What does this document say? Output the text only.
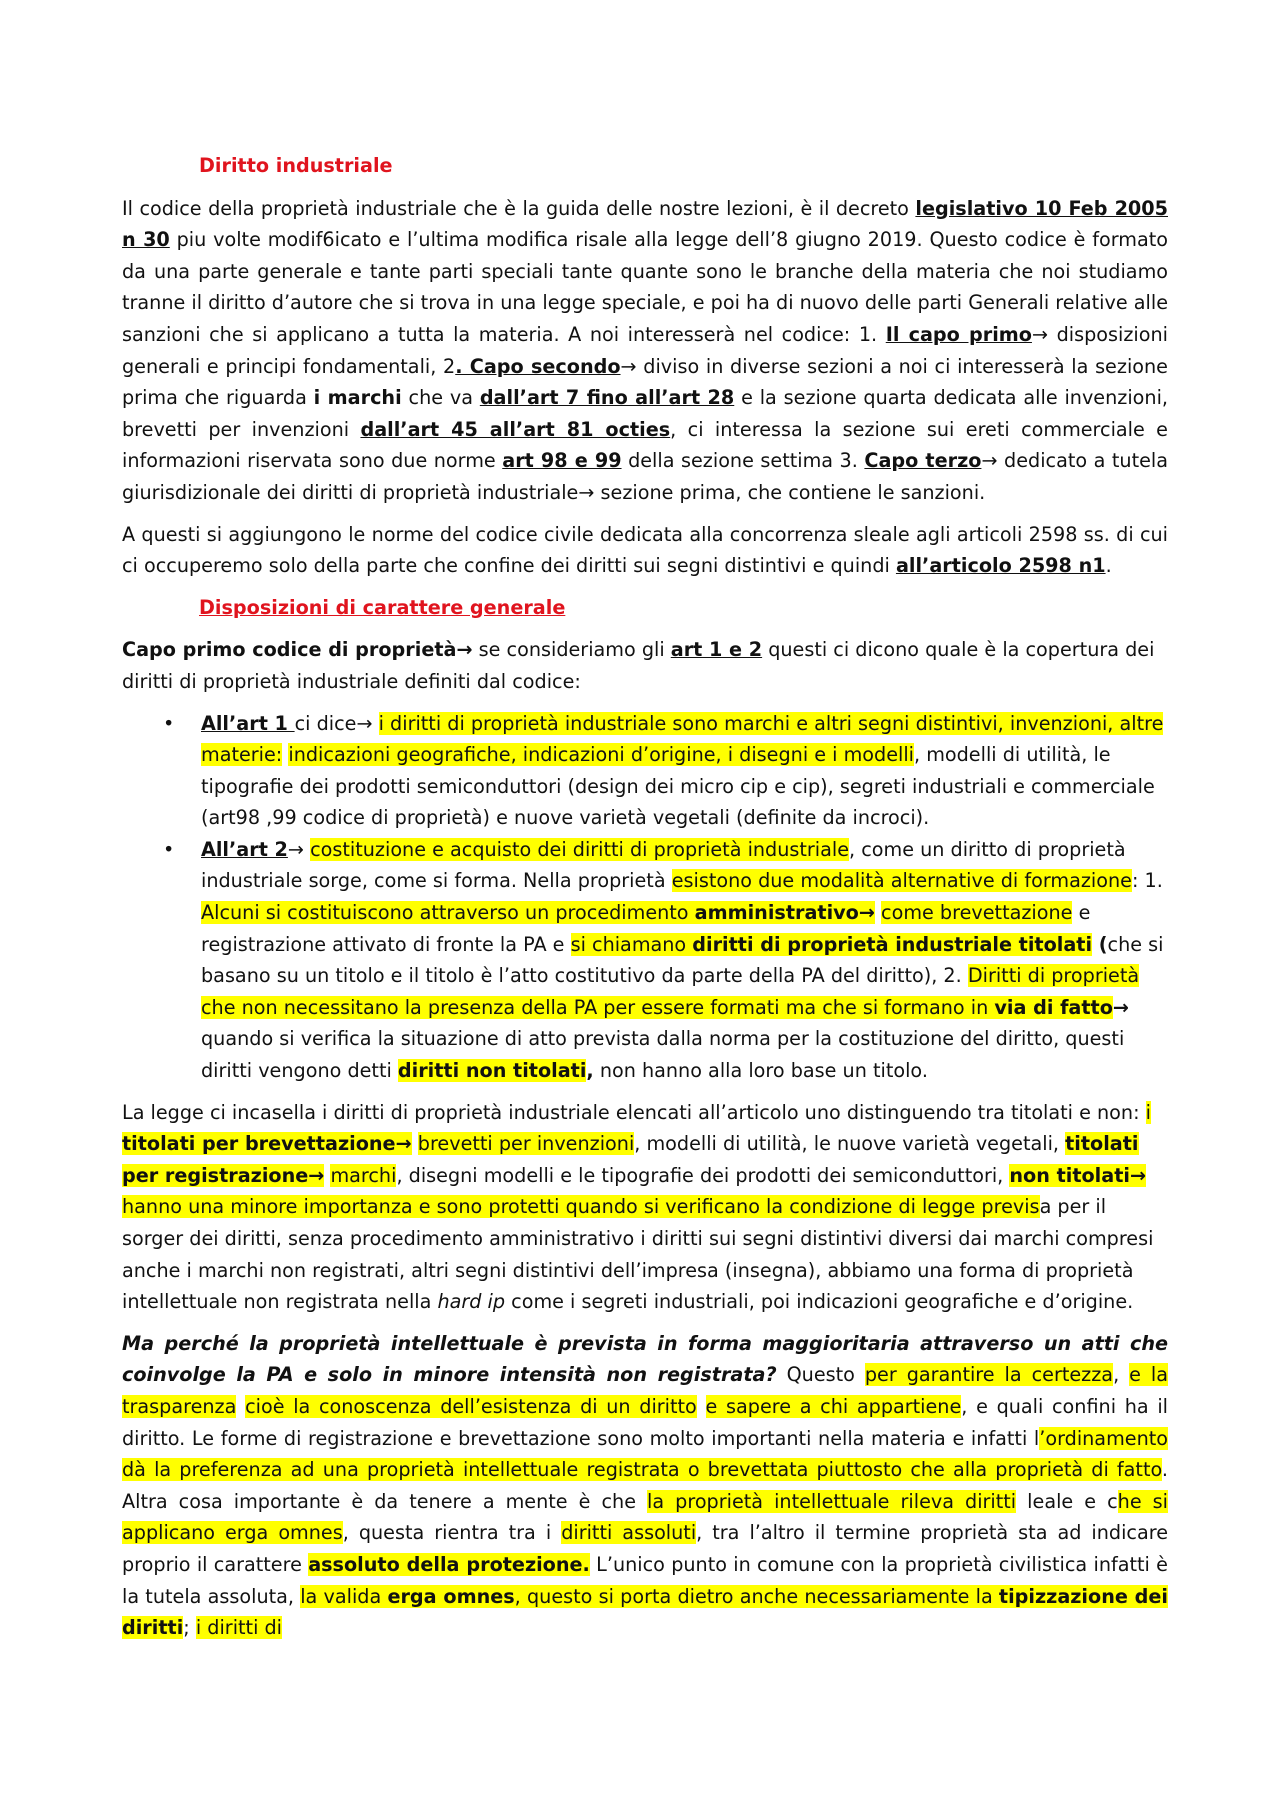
Diritto industriale

Il codice della proprietà industriale che è la guida delle nostre lezioni, è il decreto legislativo 10 Feb 2005 n 30 piu volte modif6icato e l’ultima modifica risale alla legge dell’8 giugno 2019. Questo codice è formato da una parte generale e tante parti speciali tante quante sono le branche della materia che noi studiamo tranne il diritto d’autore che si trova in una legge speciale, e poi ha di nuovo delle parti Generali relative alle sanzioni che si applicano a tutta la materia. A noi interesserà nel codice: 1. Il capo primo→ disposizioni generali e principi fondamentali, 2. Capo secondo→ diviso in diverse sezioni a noi ci interesserà la sezione prima che riguarda i marchi che va dall’art 7 fino all’art 28 e la sezione quarta dedicata alle invenzioni, brevetti per invenzioni dall’art 45 all’art 81 octies, ci interessa la sezione sui ereti commerciale e informazioni riservata sono due norme art 98 e 99 della sezione settima 3. Capo terzo→ dedicato a tutela giurisdizionale dei diritti di proprietà industriale→ sezione prima, che contiene le sanzioni.

A questi si aggiungono le norme del codice civile dedicata alla concorrenza sleale agli articoli 2598 ss. di cui ci occuperemo solo della parte che confine dei diritti sui segni distintivi e quindi all’articolo 2598 n1.

Disposizioni di carattere generale

Capo primo codice di proprietà→ se consideriamo gli art 1 e 2 questi ci dicono quale è la copertura dei diritti di proprietà industriale definiti dal codice:

• All’art 1 ci dice→ i diritti di proprietà industriale sono marchi e altri segni distintivi, invenzioni, altre materie: indicazioni geografiche, indicazioni d’origine, i disegni e i modelli, modelli di utilità, le tipografie dei prodotti semiconduttori (design dei micro cip e cip), segreti industriali e commerciale (art98 ,99 codice di proprietà) e nuove varietà vegetali (definite da incroci).
• All’art 2→ costituzione e acquisto dei diritti di proprietà industriale, come un diritto di proprietà industriale sorge, come si forma. Nella proprietà esistono due modalità alternative di formazione: 1. Alcuni si costituiscono attraverso un procedimento amministrativo→ come brevettazione e registrazione attivato di fronte la PA e si chiamano diritti di proprietà industriale titolati (che si basano su un titolo e il titolo è l’atto costitutivo da parte della PA del diritto), 2. Diritti di proprietà che non necessitano la presenza della PA per essere formati ma che si formano in via di fatto→ quando si verifica la situazione di atto prevista dalla norma per la costituzione del diritto, questi diritti vengono detti diritti non titolati, non hanno alla loro base un titolo.

La legge ci incasella i diritti di proprietà industriale elencati all’articolo uno distinguendo tra titolati e non: i titolati per brevettazione→ brevetti per invenzioni, modelli di utilità, le nuove varietà vegetali, titolati per registrazione→ marchi, disegni modelli e le tipografie dei prodotti dei semiconduttori, non titolati→ hanno una minore importanza e sono protetti quando si verificano la condizione di legge previsa per il sorger dei diritti, senza procedimento amministrativo i diritti sui segni distintivi diversi dai marchi compresi anche i marchi non registrati, altri segni distintivi dell’impresa (insegna), abbiamo una forma di proprietà intellettuale non registrata nella hard ip come i segreti industriali, poi indicazioni geografiche e d’origine.

Ma perché la proprietà intellettuale è prevista in forma maggioritaria attraverso un atti che coinvolge la PA e solo in minore intensità non registrata? Questo per garantire la certezza, e la trasparenza cioè la conoscenza dell’esistenza di un diritto e sapere a chi appartiene, e quali confini ha il diritto. Le forme di registrazione e brevettazione sono molto importanti nella materia e infatti l’ordinamento dà la preferenza ad una proprietà intellettuale registrata o brevettata piuttosto che alla proprietà di fatto. Altra cosa importante è da tenere a mente è che la proprietà intellettuale rileva diritti leale e che si applicano erga omnes, questa rientra tra i diritti assoluti, tra l’altro il termine proprietà sta ad indicare proprio il carattere assoluto della protezione. L’unico punto in comune con la proprietà civilistica infatti è la tutela assoluta, la valida erga omnes, questo si porta dietro anche necessariamente la tipizzazione dei diritti; i diritti di
